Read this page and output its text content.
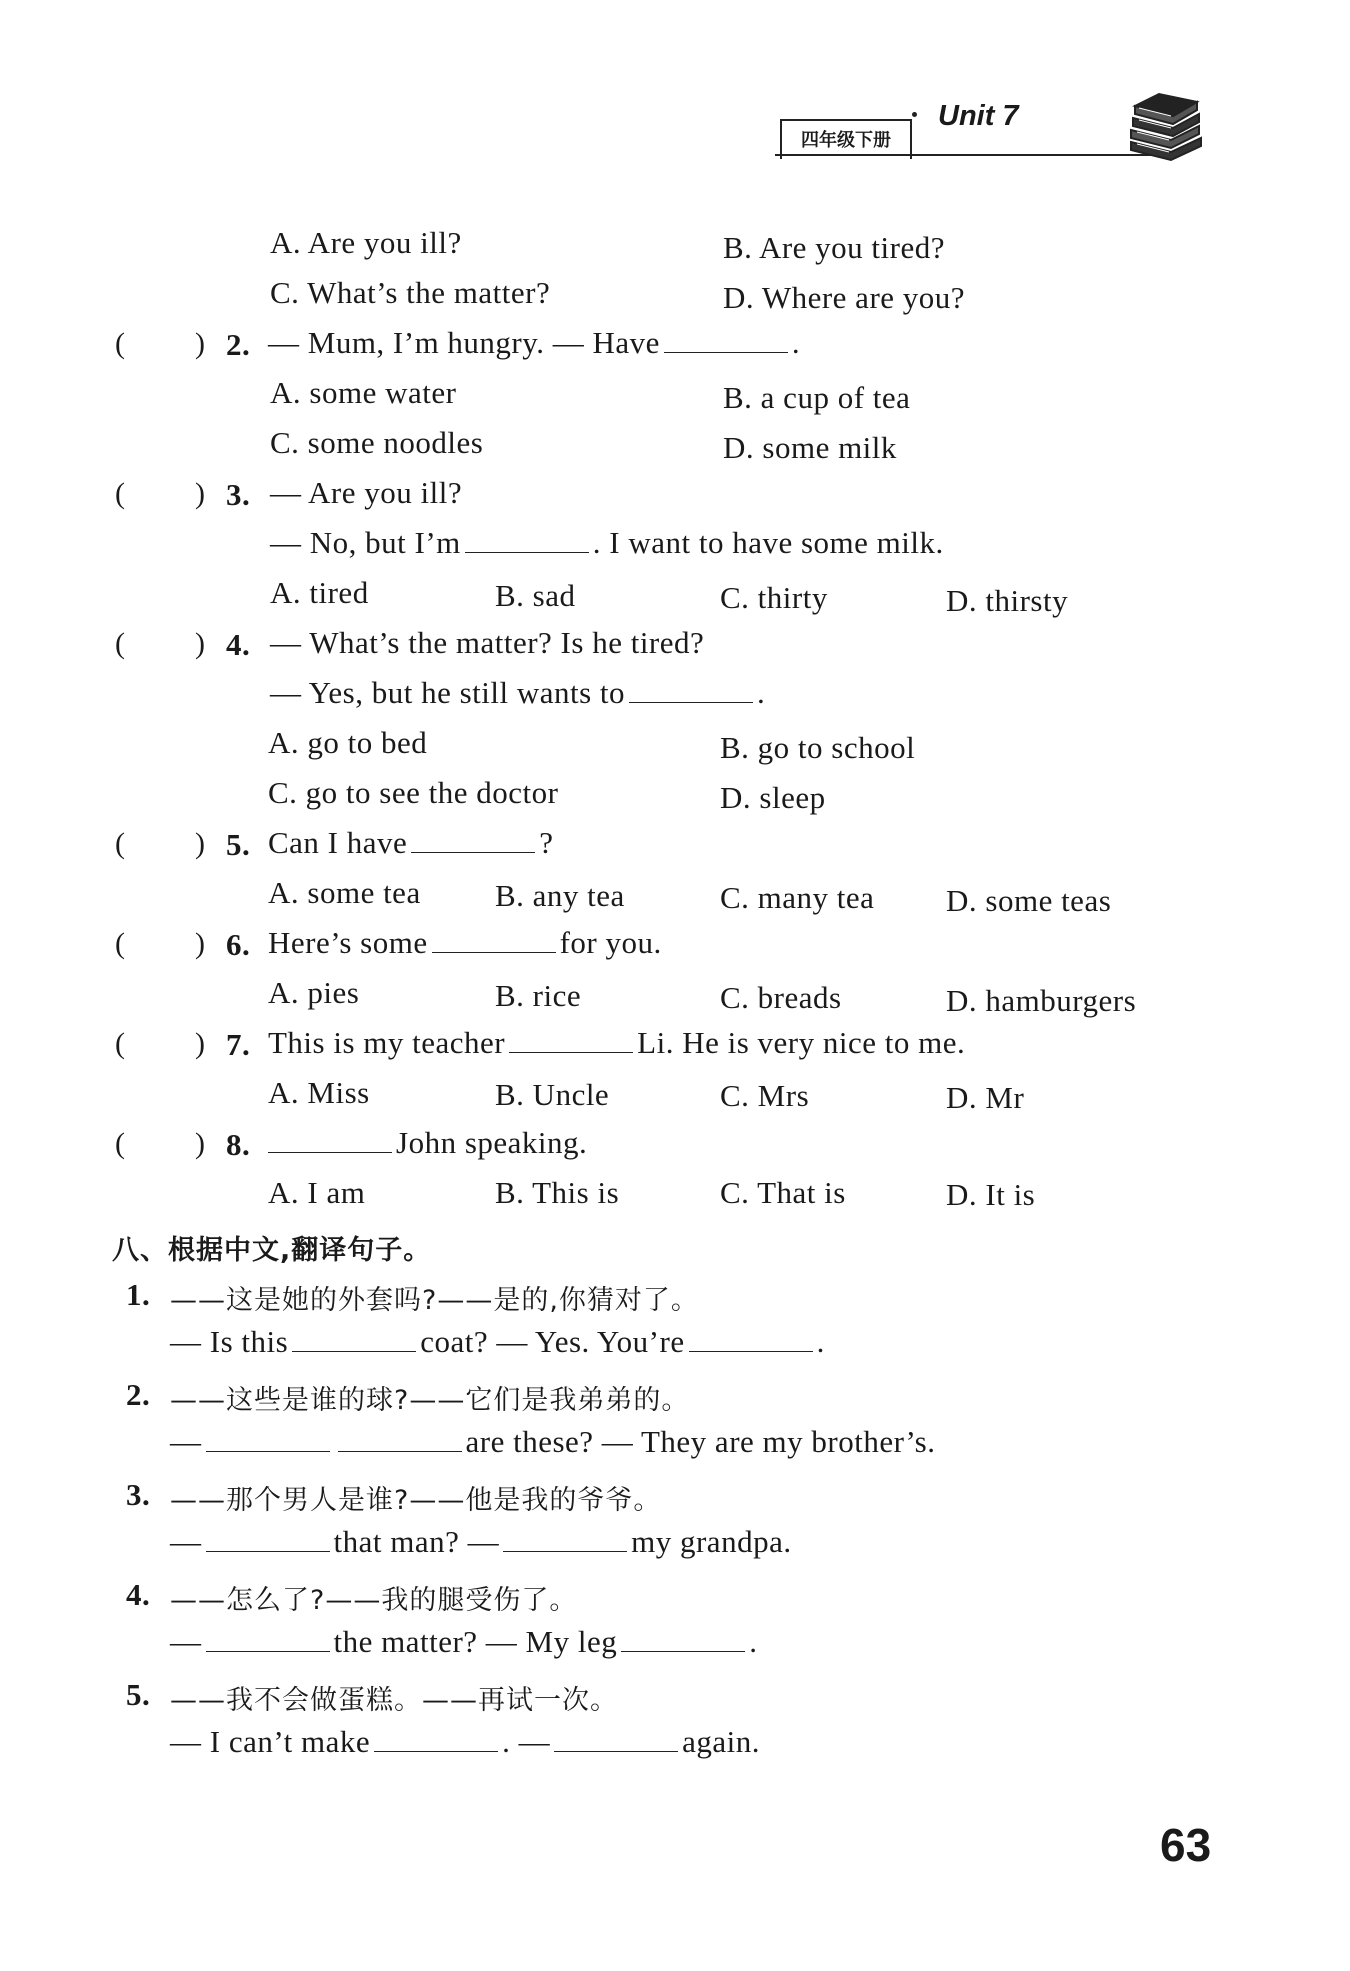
Unit 7
四年级下册
A. Are you ill?	B. Are you tired?
C. What’s the matter?	D. Where are you?
( ) 2. — Mum, I’m hungry. — Have	.
A. some water	B. a cup of tea
C. some noodles	D. some milk
( ) 3. — Are you ill?
— No, but I’m	. I want to have some milk.
A. tired	B. sad	C. thirty	D. thirsty
( ) 4. — What’s the matter? Is he tired?
— Yes, but he still wants to	.
A. go to bed	B. go to school
C. go to see the doctor	D. sleep
( ) 5. Can I have	?
A. some tea B. any tea	C. many tea D. some teas
( ) 6. Here’s some	for you.
A. pies	B. rice	C. breads	D. hamburgers
( ) 7. This is my teacher	Li. He is very nice to me.
A. Miss	B. Uncle	C. Mrs	D. Mr
( ) 8.	John speaking.
A. I am	B. This is	C. That is	D. It is
八、根据中文,翻译句子。
1. ——这是她的外套吗?——是的,你猜对了。
— Is this	coat? — Yes. You’re	.
2. ——这些是谁的球?——它们是我弟弟的。
—	are these? — They are my brother’s.
3. ——那个男人是谁?——他是我的爷爷。
—	that man? —	my grandpa.
4. ——怎么了?——我的腿受伤了。
—	the matter? — My leg	.
5. ——我不会做蛋糕。——再试一次。
— I can’t make	. —	again.
63
